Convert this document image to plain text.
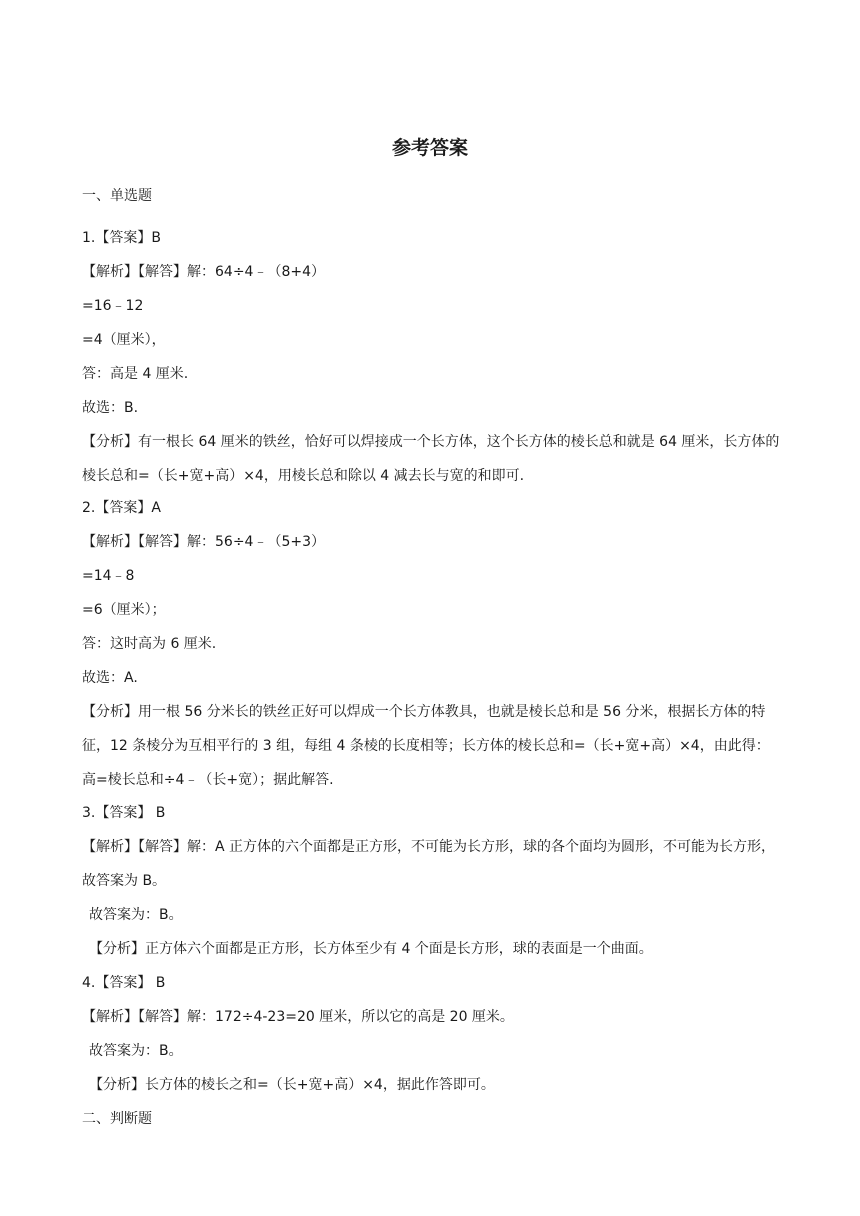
参考答案
一、单选题
1.【答案】B
【解析】【解答】解：64÷4﹣（8+4）
=16﹣12
=4（厘米），
答：高是 4 厘米.
故选：B.
【分析】有一根长 64 厘米的铁丝，恰好可以焊接成一个长方体，这个长方体的棱长总和就是 64 厘米，长方体的棱长总和=（长+宽+高）×4，用棱长总和除以 4 减去长与宽的和即可.
2.【答案】A
【解析】【解答】解：56÷4﹣（5+3）
=14﹣8
=6（厘米）；
答：这时高为 6 厘米.
故选：A.
【分析】用一根 56 分米长的铁丝正好可以焊成一个长方体教具，也就是棱长总和是 56 分米，根据长方体的特征，12 条棱分为互相平行的 3 组，每组 4 条棱的长度相等；长方体的棱长总和=（长+宽+高）×4，由此得：高=棱长总和÷4﹣（长+宽）；据此解答.
3.【答案】 B
【解析】【解答】解：A 正方体的六个面都是正方形，不可能为长方形，球的各个面均为圆形，不可能为长方形，故答案为 B。
故答案为：B。
【分析】正方体六个面都是正方形，长方体至少有 4 个面是长方形，球的表面是一个曲面。
4.【答案】 B
【解析】【解答】解：172÷4-23=20 厘米，所以它的高是 20 厘米。
故答案为：B。
【分析】长方体的棱长之和=（长+宽+高）×4，据此作答即可。
二、判断题
